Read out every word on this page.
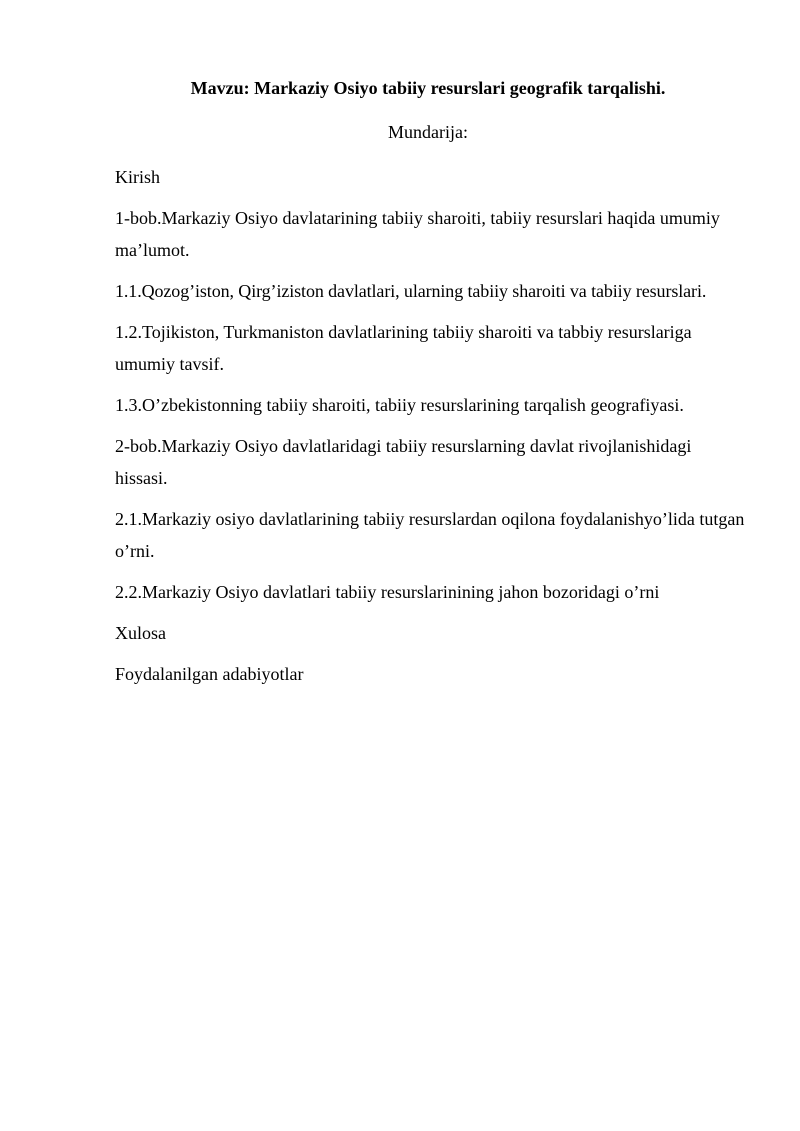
Mavzu: Markaziy Osiyo tabiiy resurslari geografik tarqalishi.
Mundarija:
Kirish
1-bob.Markaziy Osiyo davlatarining tabiiy sharoiti, tabiiy resurslari haqida umumiy ma’lumot.
1.1.Qozog’iston, Qirg’iziston davlatlari, ularning tabiiy sharoiti va tabiiy resurslari.
1.2.Tojikiston, Turkmaniston davlatlarining tabiiy sharoiti va tabbiy resurslariga umumiy tavsif.
1.3.O’zbekistonning tabiiy sharoiti, tabiiy resurslarining tarqalish geografiyasi.
2-bob.Markaziy Osiyo davlatlaridagi tabiiy resurslarning davlat rivojlanishidagi hissasi.
2.1.Markaziy osiyo davlatlarining tabiiy resurslardan oqilona foydalanishyo’lida tutgan o’rni.
2.2.Markaziy Osiyo davlatlari tabiiy resurslarinining jahon bozoridagi o’rni
Xulosa
Foydalanilgan adabiyotlar
